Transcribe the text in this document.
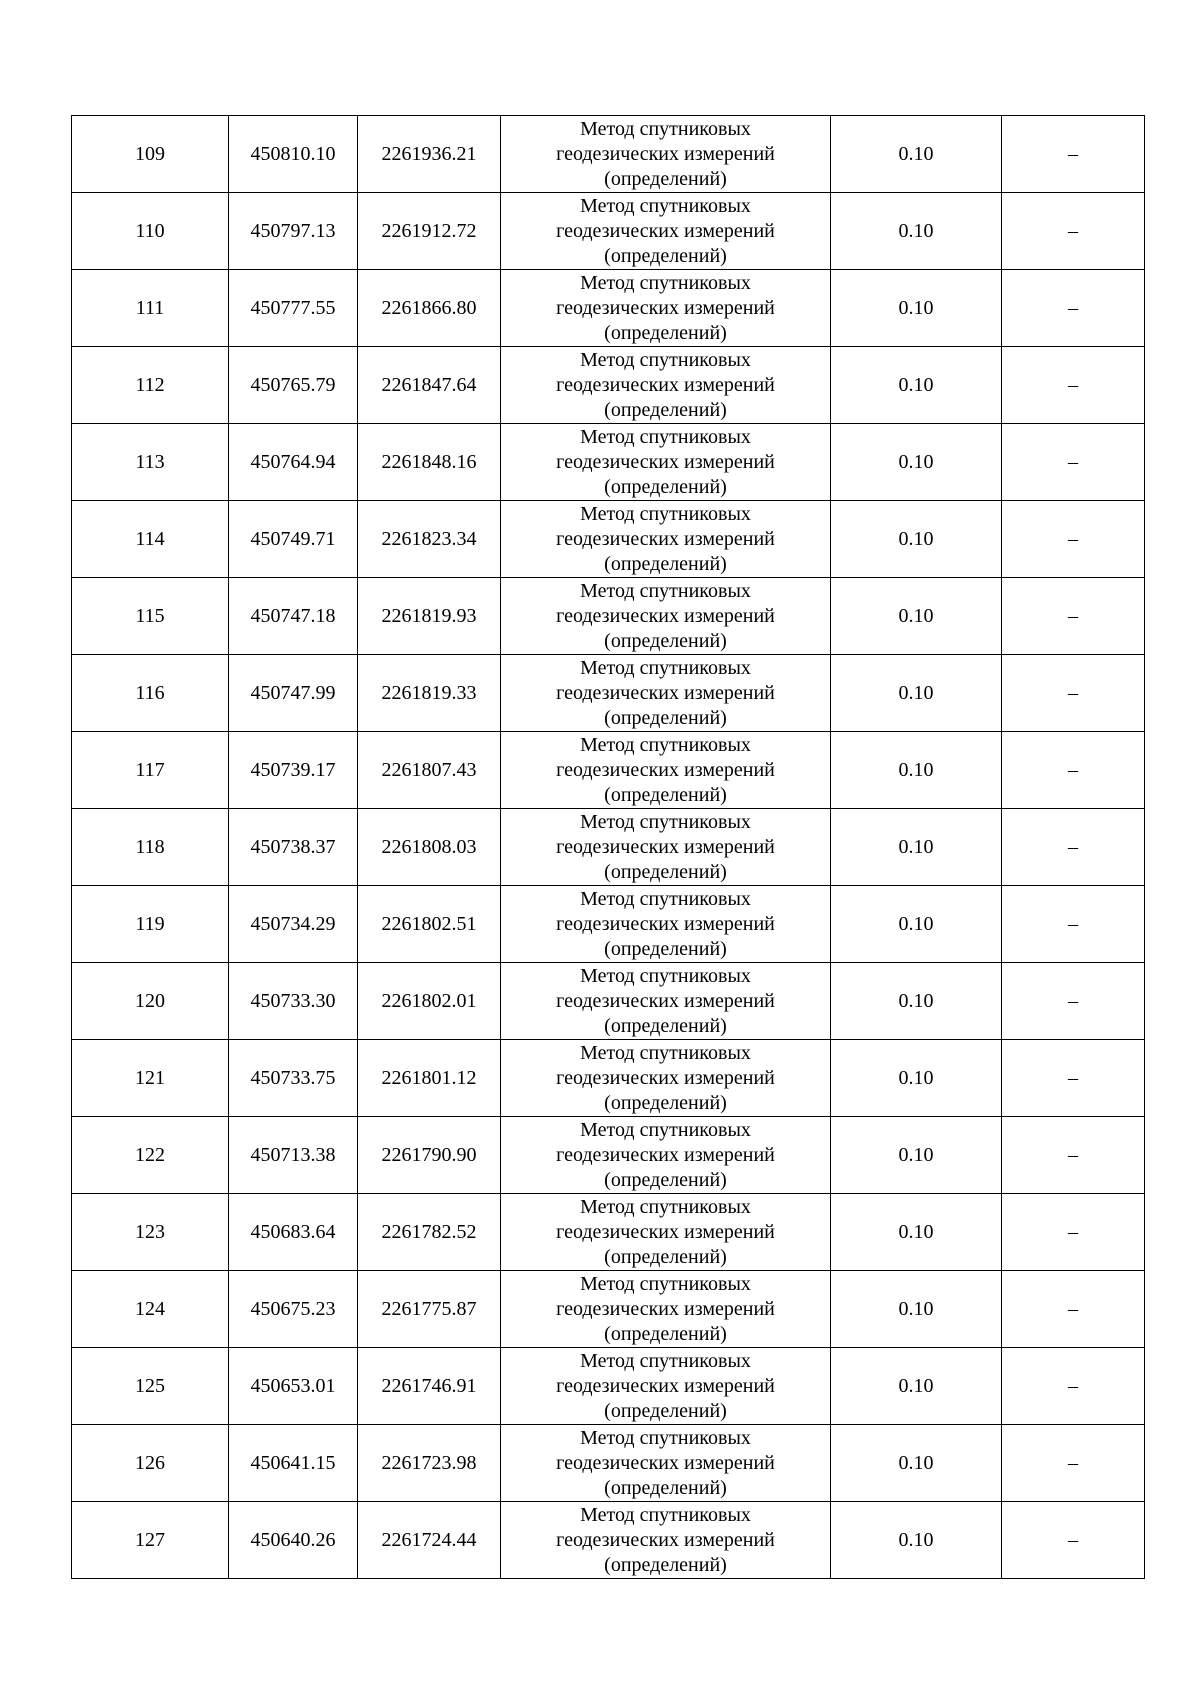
109	450810.10	2261936.21	Метод спутниковых
геодезических измерений
(определений)	0.10	–
110	450797.13	2261912.72	Метод спутниковых
геодезических измерений
(определений)	0.10	–
111	450777.55	2261866.80	Метод спутниковых
геодезических измерений
(определений)	0.10	–
112	450765.79	2261847.64	Метод спутниковых
геодезических измерений
(определений)	0.10	–
113	450764.94	2261848.16	Метод спутниковых
геодезических измерений
(определений)	0.10	–
114	450749.71	2261823.34	Метод спутниковых
геодезических измерений
(определений)	0.10	–
115	450747.18	2261819.93	Метод спутниковых
геодезических измерений
(определений)	0.10	–
116	450747.99	2261819.33	Метод спутниковых
геодезических измерений
(определений)	0.10	–
117	450739.17	2261807.43	Метод спутниковых
геодезических измерений
(определений)	0.10	–
118	450738.37	2261808.03	Метод спутниковых
геодезических измерений
(определений)	0.10	–
119	450734.29	2261802.51	Метод спутниковых
геодезических измерений
(определений)	0.10	–
120	450733.30	2261802.01	Метод спутниковых
геодезических измерений
(определений)	0.10	–
121	450733.75	2261801.12	Метод спутниковых
геодезических измерений
(определений)	0.10	–
122	450713.38	2261790.90	Метод спутниковых
геодезических измерений
(определений)	0.10	–
123	450683.64	2261782.52	Метод спутниковых
геодезических измерений
(определений)	0.10	–
124	450675.23	2261775.87	Метод спутниковых
геодезических измерений
(определений)	0.10	–
125	450653.01	2261746.91	Метод спутниковых
геодезических измерений
(определений)	0.10	–
126	450641.15	2261723.98	Метод спутниковых
геодезических измерений
(определений)	0.10	–
127	450640.26	2261724.44	Метод спутниковых
геодезических измерений
(определений)	0.10	–
